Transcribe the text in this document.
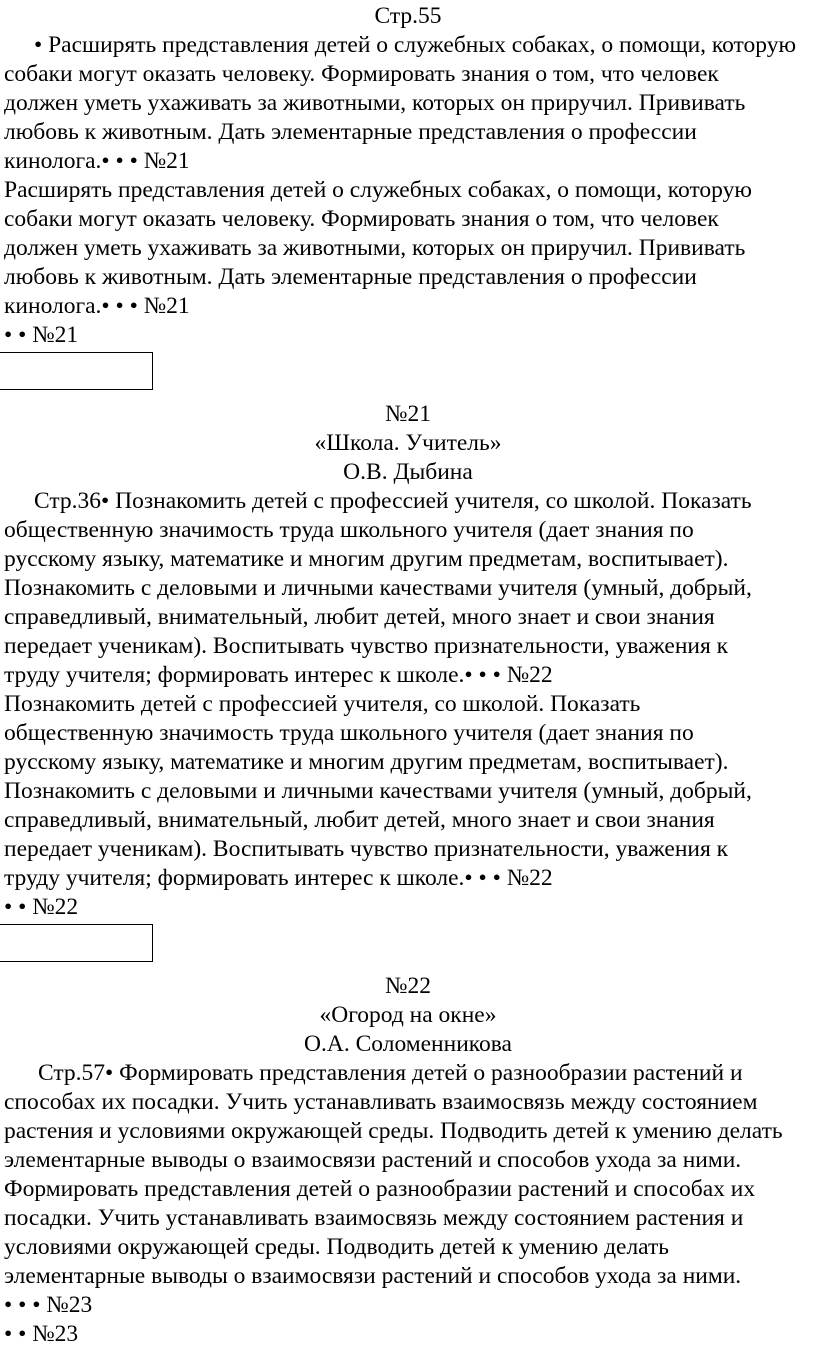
Стр.55
• Расширять представления детей о служебных собаках, о помощи, которую
собаки могут оказать человеку. Формировать знания о том, что человек
должен уметь ухаживать за животными, которых он приручил. Прививать
любовь к животным. Дать элементарные представления о профессии
кинолога.• • • №21
Расширять представления детей о служебных собаках, о помощи, которую
собаки могут оказать человеку. Формировать знания о том, что человек
должен уметь ухаживать за животными, которых он приручил. Прививать
любовь к животным. Дать элементарные представления о профессии
кинолога.• • • №21
• • №21
№21
«Школа. Учитель»
О.В. Дыбина
Стр.36• Познакомить детей с профессией учителя, со школой. Показать
общественную значимость труда школьного учителя (дает знания по
русскому языку, математике и многим другим предметам, воспитывает).
Познакомить с деловыми и личными качествами учителя (умный, добрый,
справедливый, внимательный, любит детей, много знает и свои знания
передает ученикам). Воспитывать чувство признательности, уважения к
труду учителя; формировать интерес к школе.• • • №22
Познакомить детей с профессией учителя, со школой. Показать
общественную значимость труда школьного учителя (дает знания по
русскому языку, математике и многим другим предметам, воспитывает).
Познакомить с деловыми и личными качествами учителя (умный, добрый,
справедливый, внимательный, любит детей, много знает и свои знания
передает ученикам). Воспитывать чувство признательности, уважения к
труду учителя; формировать интерес к школе.• • • №22
• • №22
№22
«Огород на окне»
О.А. Соломенникова
Стр.57• Формировать представления детей о разнообразии растений и
способах их посадки. Учить устанавливать взаимосвязь между состоянием
растения и условиями окружающей среды. Подводить детей к умению делать
элементарные выводы о взаимосвязи растений и способов ухода за ними.
Формировать представления детей о разнообразии растений и способах их
посадки. Учить устанавливать взаимосвязь между состоянием растения и
условиями окружающей среды. Подводить детей к умению делать
элементарные выводы о взаимосвязи растений и способов ухода за ними.
• • • №23
• • №23
